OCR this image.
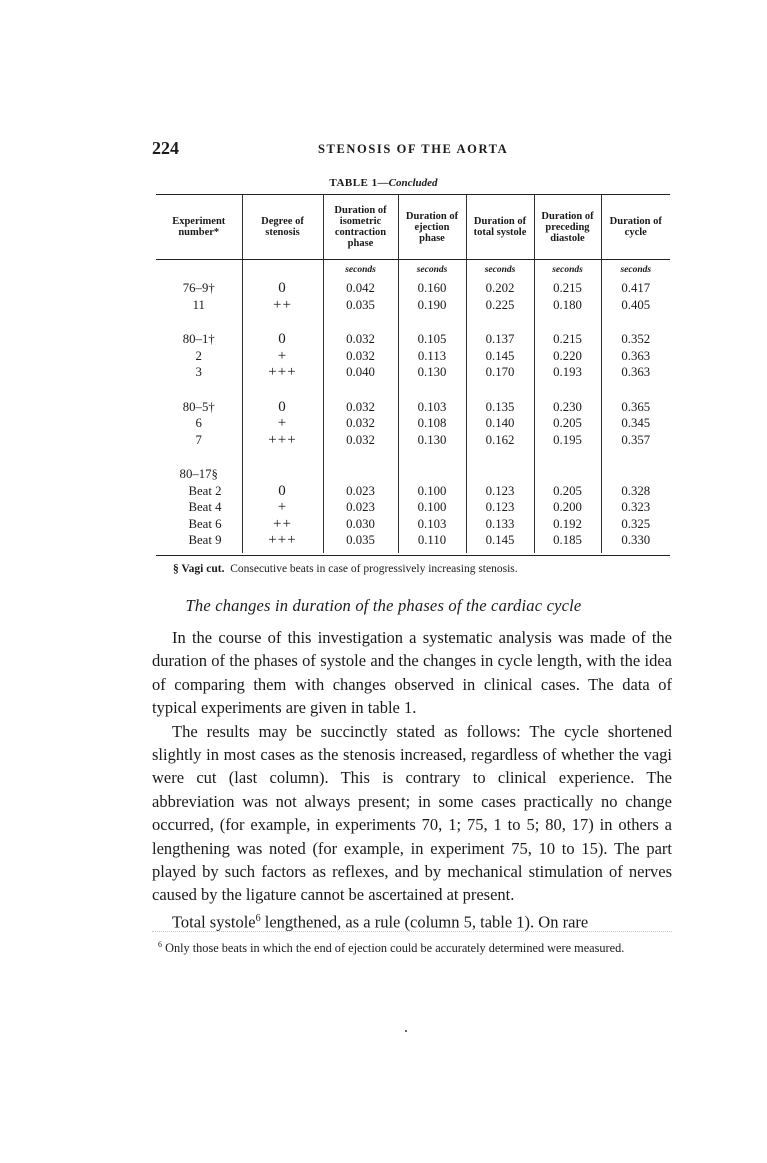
224	STENOSIS OF THE AORTA
TABLE 1—Concluded
Experiment number*	Degree of stenosis	Duration of isometric contraction phase	Duration of ejection phase	Duration of total systole	Duration of preceding diastole	Duration of cycle
		seconds	seconds	seconds	seconds	seconds
76–9†	0	0.042	0.160	0.202	0.215	0.417
11	++	0.035	0.190	0.225	0.180	0.405

80–1†	0	0.032	0.105	0.137	0.215	0.352
2	+	0.032	0.113	0.145	0.220	0.363
3	+++	0.040	0.130	0.170	0.193	0.363

80–5†	0	0.032	0.103	0.135	0.230	0.365
6	+	0.032	0.108	0.140	0.205	0.345
7	+++	0.032	0.130	0.162	0.195	0.357

80–17§						
Beat 2	0	0.023	0.100	0.123	0.205	0.328
Beat 4	+	0.023	0.100	0.123	0.200	0.323
Beat 6	++	0.030	0.103	0.133	0.192	0.325
Beat 9	+++	0.035	0.110	0.145	0.185	0.330
§ Vagi cut. Consecutive beats in case of progressively increasing stenosis.
The changes in duration of the phases of the cardiac cycle

In the course of this investigation a systematic analysis was made of the duration of the phases of systole and the changes in cycle length, with the idea of comparing them with changes observed in clinical cases. The data of typical experiments are given in table 1.

The results may be succinctly stated as follows: The cycle shortened slightly in most cases as the stenosis increased, regardless of whether the vagi were cut (last column). This is contrary to clinical experience. The abbreviation was not always present; in some cases practically no change occurred, (for example, in experiments 70, 1; 75, 1 to 5; 80, 17) in others a lengthening was noted (for example, in experiment 75, 10 to 15). The part played by such factors as reflexes, and by mechanical stimulation of nerves caused by the ligature cannot be ascertained at present.

Total systole$^6$ lengthened, as a rule (column 5, table 1). On rare

$^6$ Only those beats in which the end of ejection could be accurately determined were measured.
